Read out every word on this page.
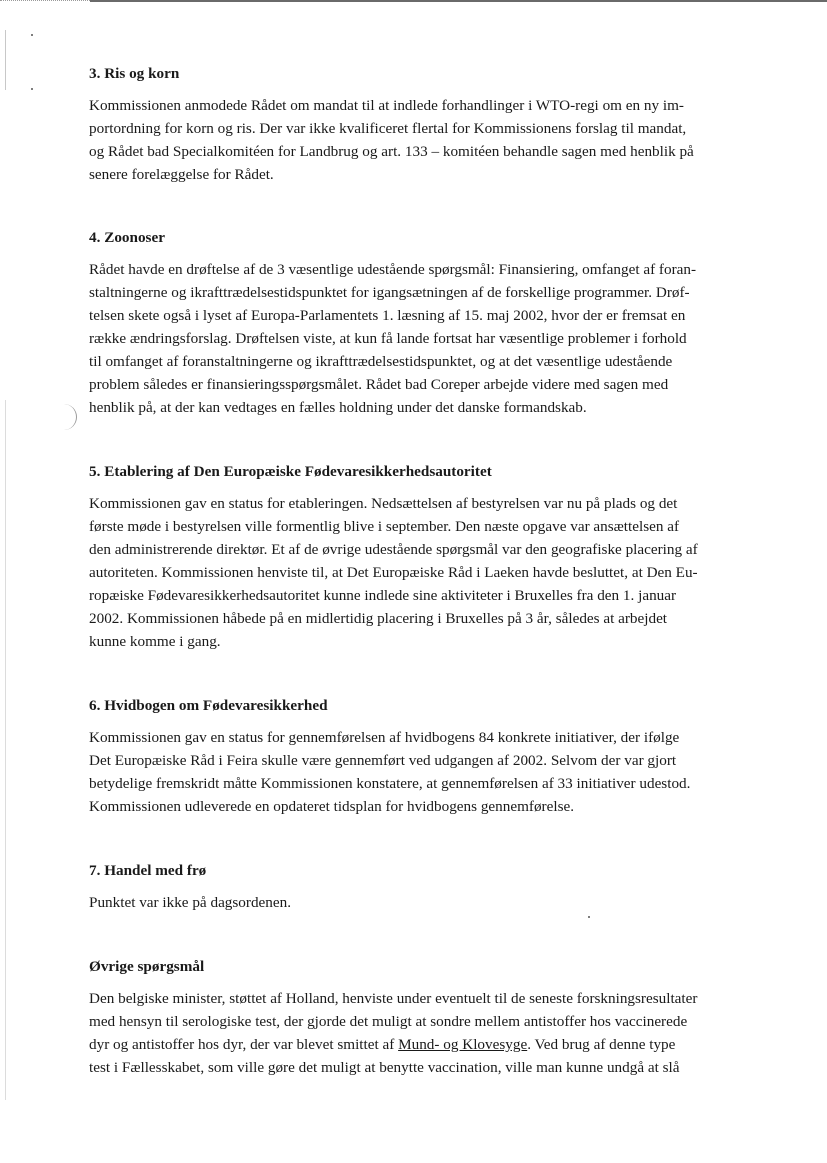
3. Ris og korn

Kommissionen anmodede Rådet om mandat til at indlede forhandlinger i WTO-regi om en ny im-
portordning for korn og ris. Der var ikke kvalificeret flertal for Kommissionens forslag til mandat,
og Rådet bad Specialkomitéen for Landbrug og art. 133 – komitéen behandle sagen med henblik på
senere forelæggelse for Rådet.

4. Zoonoser

Rådet havde en drøftelse af de 3 væsentlige udestående spørgsmål: Finansiering, omfanget af foran-
staltningerne og ikrafttrædelsestidspunktet for igangsætningen af de forskellige programmer. Drøf-
telsen skete også i lyset af Europa-Parlamentets 1. læsning af 15. maj 2002, hvor der er fremsat en
række ændringsforslag. Drøftelsen viste, at kun få lande fortsat har væsentlige problemer i forhold
til omfanget af foranstaltningerne og ikrafttrædelsestidspunktet, og at det væsentlige udestående
problem således er finansieringsspørgsmålet. Rådet bad Coreper arbejde videre med sagen med
henblik på, at der kan vedtages en fælles holdning under det danske formandskab.

5. Etablering af Den Europæiske Fødevaresikkerhedsautoritet

Kommissionen gav en status for etableringen. Nedsættelsen af bestyrelsen var nu på plads og det
første møde i bestyrelsen ville formentlig blive i september. Den næste opgave var ansættelsen af
den administrerende direktør. Et af de øvrige udestående spørgsmål var den geografiske placering af
autoriteten. Kommissionen henviste til, at Det Europæiske Råd i Laeken havde besluttet, at Den Eu-
ropæiske Fødevaresikkerhedsautoritet kunne indlede sine aktiviteter i Bruxelles fra den 1. januar
2002. Kommissionen håbede på en midlertidig placering i Bruxelles på 3 år, således at arbejdet
kunne komme i gang.

6. Hvidbogen om Fødevaresikkerhed

Kommissionen gav en status for gennemførelsen af hvidbogens 84 konkrete initiativer, der ifølge
Det Europæiske Råd i Feira skulle være gennemført ved udgangen af 2002. Selvom der var gjort
betydelige fremskridt måtte Kommissionen konstatere, at gennemførelsen af 33 initiativer udestod.
Kommissionen udleverede en opdateret tidsplan for hvidbogens gennemførelse.

7. Handel med frø

Punktet var ikke på dagsordenen.

Øvrige spørgsmål

Den belgiske minister, støttet af Holland, henviste under eventuelt til de seneste forskningsresultater
med hensyn til serologiske test, der gjorde det muligt at sondre mellem antistoffer hos vaccinerede
dyr og antistoffer hos dyr, der var blevet smittet af Mund- og Klovesyge. Ved brug af denne type
test i Fællesskabet, som ville gøre det muligt at benytte vaccination, ville man kunne undgå at slå
